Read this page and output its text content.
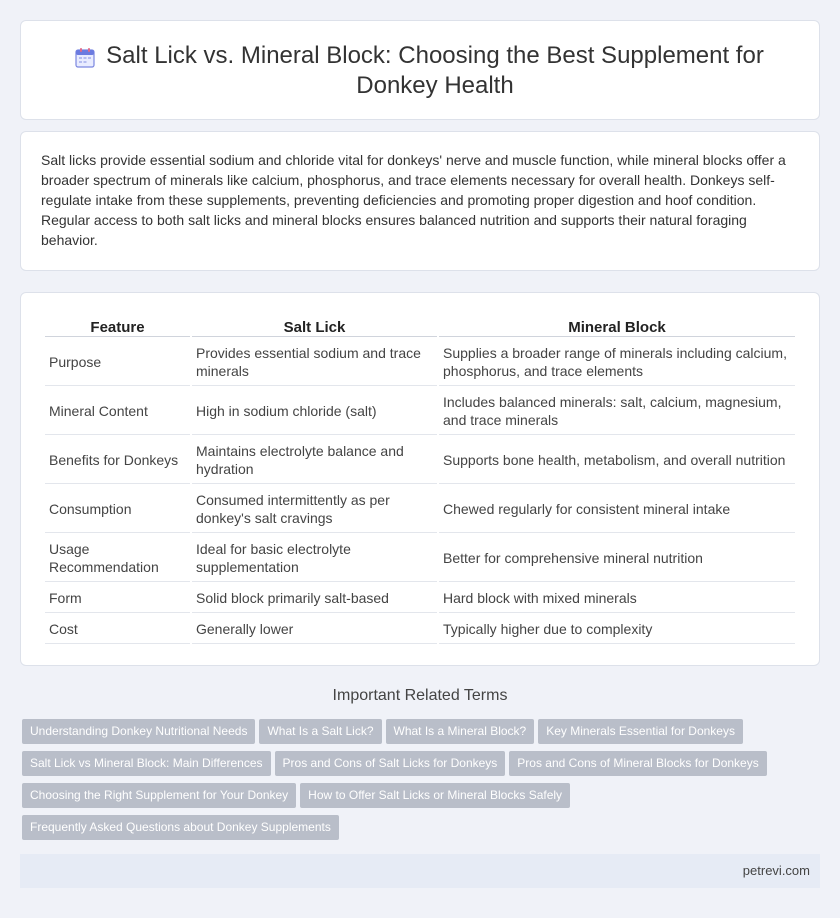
Salt Lick vs. Mineral Block: Choosing the Best Supplement for Donkey Health

Salt licks provide essential sodium and chloride vital for donkeys' nerve and muscle function, while mineral blocks offer a broader spectrum of minerals like calcium, phosphorus, and trace elements necessary for overall health. Donkeys self-regulate intake from these supplements, preventing deficiencies and promoting proper digestion and hoof condition. Regular access to both salt licks and mineral blocks ensures balanced nutrition and supports their natural foraging behavior.

Feature	Salt Lick	Mineral Block
Purpose	Provides essential sodium and trace minerals	Supplies a broader range of minerals including calcium, phosphorus, and trace elements
Mineral Content	High in sodium chloride (salt)	Includes balanced minerals: salt, calcium, magnesium, and trace minerals
Benefits for Donkeys	Maintains electrolyte balance and hydration	Supports bone health, metabolism, and overall nutrition
Consumption	Consumed intermittently as per donkey's salt cravings	Chewed regularly for consistent mineral intake
Usage Recommendation	Ideal for basic electrolyte supplementation	Better for comprehensive mineral nutrition
Form	Solid block primarily salt-based	Hard block with mixed minerals
Cost	Generally lower	Typically higher due to complexity
Important Related Terms
Understanding Donkey Nutritional Needs What Is a Salt Lick? What Is a Mineral Block? Key Minerals Essential for Donkeys
Salt Lick vs Mineral Block: Main Differences Pros and Cons of Salt Licks for Donkeys Pros and Cons of Mineral Blocks for Donkeys
Choosing the Right Supplement for Your Donkey How to Offer Salt Licks or Mineral Blocks Safely
Frequently Asked Questions about Donkey Supplements
petrevi.com
